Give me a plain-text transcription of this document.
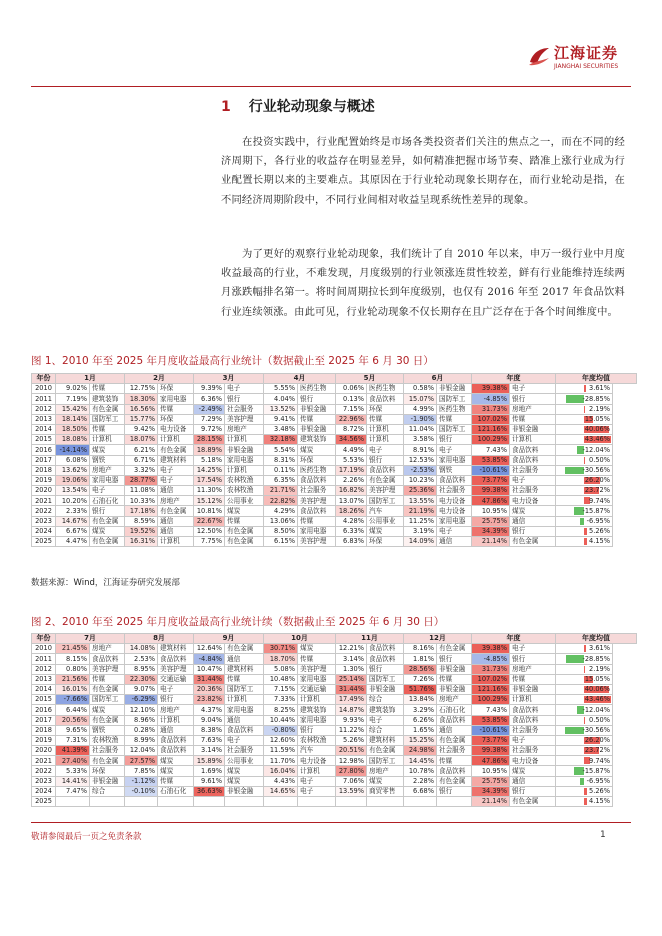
江海证券
JIANGHAI SECURITIES
1 行业轮动现象与概述
在投资实践中，行业配置始终是市场各类投资者们关注的焦点之一，而在不同的经济周期下，各行业的收益存在明显差异，如何精准把握市场节奏、踏准上涨行业成为行业配置长期以来的主要难点。其原因在于行业轮动现象长期存在，而行业轮动是指，在不同经济周期阶段中，不同行业间相对收益呈现系统性差异的现象。
为了更好的观察行业轮动现象，我们统计了自 2010 年以来，申万一级行业中月度收益最高的行业，不难发现，月度级别的行业领涨连贯性较差，鲜有行业能维持连续两月涨跌幅排名第一。将时间周期拉长到年度级别，也仅有 2016 年至 2017 年食品饮料行业连续领涨。由此可见，行业轮动现象不仅长期存在且广泛存在于各个时间维度中。
图 1、2010 年至 2025 年月度收益最高行业统计（数据截止至 2025 年 6 月 30 日）
年份	1月		2月		3月		4月		5月		6月		年度		年度均值
2010	9.02%	传媒	12.75%	环保	9.39%	电子	5.55%	医药生物	0.06%	医药生物	0.58%	非银金融	39.38%	电子	3.61%
2011	7.19%	建筑装饰	18.30%	家用电器	6.36%	银行	4.04%	银行	0.13%	食品饮料	15.07%	国防军工	-4.85%	银行	-28.85%
2012	15.42%	有色金属	16.56%	传媒	-2.49%	社会服务	13.52%	非银金融	7.15%	环保	4.99%	医药生物	31.73%	房地产	2.19%
2013	18.14%	国防军工	15.77%	环保	7.29%	美容护理	9.41%	传媒	22.96%	传媒	-1.90%	传媒	107.02%	传媒	15.05%
2014	18.50%	传媒	9.42%	电力设备	9.72%	房地产	3.48%	非银金融	8.72%	计算机	11.04%	国防军工	121.16%	非银金融	40.06%
2015	18.08%	计算机	18.07%	计算机	28.15%	计算机	32.18%	建筑装饰	34.56%	计算机	3.58%	银行	100.29%	计算机	43.46%
2016	-14.14%	煤炭	6.21%	有色金属	18.89%	非银金融	5.54%	煤炭	4.49%	电子	8.91%	电子	7.43%	食品饮料	-12.04%
2017	6.08%	钢铁	6.71%	建筑材料	5.18%	家用电器	8.31%	环保	5.53%	银行	12.53%	家用电器	53.85%	食品饮料	0.50%
2018	13.62%	房地产	3.32%	电子	14.25%	计算机	0.11%	医药生物	17.19%	食品饮料	-2.53%	钢铁	-10.61%	社会服务	-30.56%
2019	19.06%	家用电器	28.77%	电子	17.54%	农林牧渔	6.35%	食品饮料	2.26%	有色金属	10.23%	食品饮料	73.77%	电子	26.20%
2020	13.54%	电子	11.08%	通信	11.30%	农林牧渔	21.71%	社会服务	16.82%	美容护理	25.36%	社会服务	99.38%	社会服务	23.72%
2021	10.20%	石油石化	10.33%	房地产	15.12%	公用事业	22.82%	美容护理	13.07%	国防军工	13.55%	电力设备	47.86%	电力设备	9.74%
2022	2.33%	银行	17.18%	有色金属	10.81%	煤炭	4.29%	食品饮料	18.26%	汽车	21.19%	电力设备	10.95%	煤炭	-15.87%
2023	14.67%	有色金属	8.59%	通信	22.67%	传媒	13.06%	传媒	4.28%	公用事业	11.25%	家用电器	25.75%	通信	-6.95%
2024	6.67%	煤炭	19.52%	通信	12.50%	有色金属	8.50%	家用电器	6.33%	煤炭	3.19%	电子	34.39%	银行	5.26%
2025	4.47%	有色金属	16.31%	计算机	7.75%	有色金属	6.15%	美容护理	6.83%	环保	14.09%	通信	21.14%	有色金属	4.15%
数据来源：Wind，江海证券研究发展部
图 2、2010 年至 2025 年月度收益最高行业统计续（数据截止至 2025 年 6 月 30 日）
年份	7月		8月		9月		10月		11月		12月		年度		年度均值
2010	21.45%	房地产	14.08%	建筑材料	12.64%	有色金属	30.71%	煤炭	12.21%	食品饮料	8.16%	有色金属	39.38%	电子	3.61%
2011	8.15%	食品饮料	2.53%	食品饮料	-4.84%	通信	18.70%	传媒	3.14%	食品饮料	1.81%	银行	-4.85%	银行	-28.85%
2012	0.80%	美容护理	8.95%	美容护理	10.47%	建筑材料	5.08%	美容护理	1.30%	银行	28.56%	非银金融	31.73%	房地产	2.19%
2013	21.56%	传媒	22.30%	交通运输	31.44%	传媒	10.48%	家用电器	25.14%	国防军工	7.26%	传媒	107.02%	传媒	15.05%
2014	16.01%	有色金属	9.07%	电子	20.36%	国防军工	7.15%	交通运输	31.44%	非银金融	51.76%	非银金融	121.16%	非银金融	40.06%
2015	-7.66%	国防军工	-6.29%	银行	23.82%	计算机	7.33%	计算机	17.49%	综合	13.84%	房地产	100.29%	计算机	43.46%
2016	6.44%	煤炭	12.10%	房地产	4.37%	家用电器	8.25%	建筑装饰	14.87%	建筑装饰	3.29%	石油石化	7.43%	食品饮料	-12.04%
2017	20.56%	有色金属	8.96%	计算机	9.04%	通信	10.44%	家用电器	9.93%	电子	6.26%	食品饮料	53.85%	食品饮料	0.50%
2018	9.65%	钢铁	0.28%	通信	8.38%	食品饮料	-0.80%	银行	11.22%	综合	1.65%	通信	-10.61%	社会服务	-30.56%
2019	7.31%	农林牧渔	8.99%	食品饮料	7.63%	电子	12.60%	农林牧渔	5.26%	建筑材料	15.25%	有色金属	73.77%	电子	26.20%
2020	41.39%	社会服务	12.04%	食品饮料	3.14%	社会服务	11.59%	汽车	20.51%	有色金属	24.98%	社会服务	99.38%	社会服务	23.72%
2021	27.40%	有色金属	27.57%	煤炭	15.89%	公用事业	11.70%	电力设备	12.98%	国防军工	14.45%	传媒	47.86%	电力设备	9.74%
2022	5.33%	环保	7.85%	煤炭	1.69%	煤炭	16.04%	计算机	27.80%	房地产	10.78%	食品饮料	10.95%	煤炭	-15.87%
2023	14.41%	非银金融	-1.12%	传媒	9.61%	煤炭	4.43%	电子	7.06%	煤炭	2.28%	有色金属	25.75%	通信	-6.95%
2024	7.47%	综合	-0.10%	石油石化	36.63%	非银金融	14.65%	电子	13.59%	商贸零售	6.68%	银行	34.39%	银行	5.26%
2025													21.14%	有色金属	4.15%
敬请参阅最后一页之免责条款	1
